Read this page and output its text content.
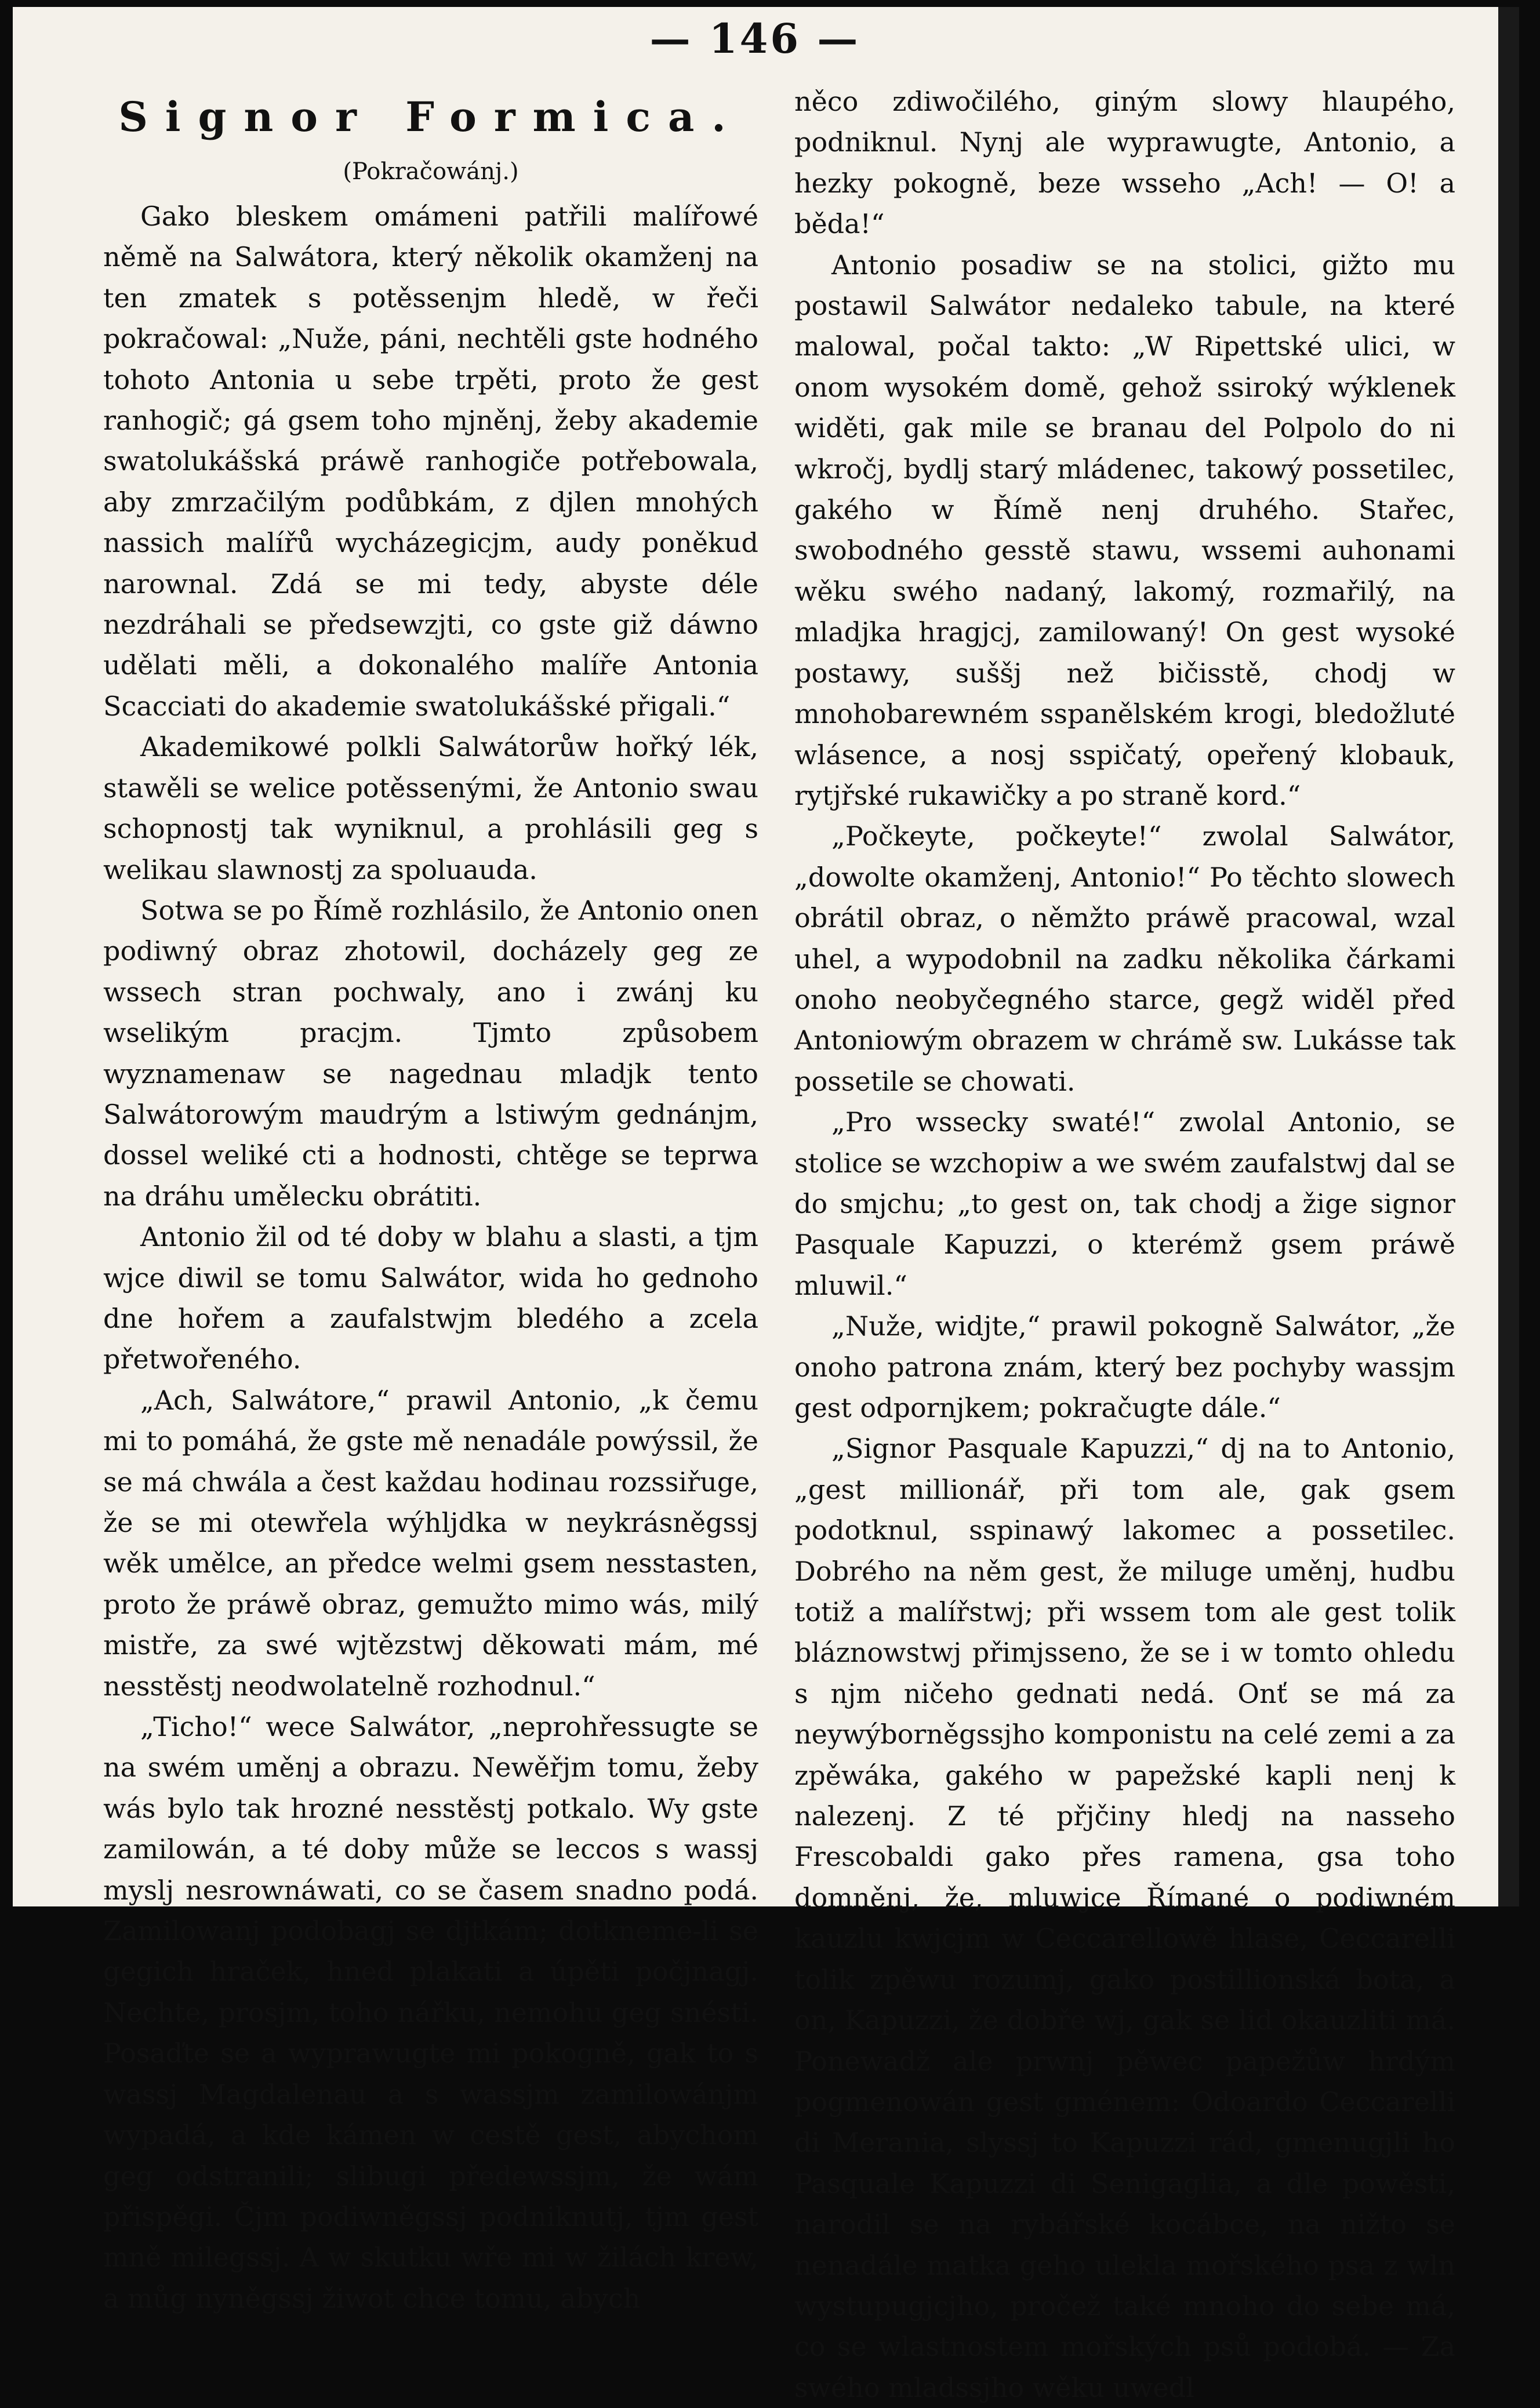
— 146 —
Signor Formica.
(Pokračowánj.)

Gako bleskem omámeni patřili malířowé němě na Salwátora, který několik okamženj na ten zmatek s potěssenjm hledě, w řeči pokračowal: „Nuže, páni, nechtěli gste hodného tohoto Antonia u sebe trpěti, proto že gest ranhogič; gá gsem toho mjněnj, žeby akademie swatolukášská práwě ranhogiče potřebowala, aby zmrzačilým podůbkám, z djlen mnohých nassich malířů wycházegicjm, audy poněkud narownal. Zdá se mi tedy, abyste déle nezdráhali se předsewzjti, co gste giž dáwno udělati měli, a dokonalého malíře Antonia Scacciati do akademie swatolukášské přigali.“

Akademikowé polkli Salwátorůw hořký lék, stawěli se welice potěssenými, že Antonio swau schopnostj tak wyniknul, a prohlásili geg s welikau slawnostj za spoluauda.

Sotwa se po Římě rozhlásilo, že Antonio onen podiwný obraz zhotowil, docházely geg ze wssech stran pochwaly, ano i zwánj ku wselikým pracjm. Tjmto způsobem wyznamenaw se nagednau mladjk tento Salwátorowým maudrým a lstiwým gednánjm, dossel weliké cti a hodnosti, chtěge se teprwa na dráhu umělecku obrátiti.

Antonio žil od té doby w blahu a slasti, a tjm wjce diwil se tomu Salwátor, wida ho gednoho dne hořem a zaufalstwjm bledého a zcela přetwořeného.

„Ach, Salwátore,“ prawil Antonio, „k čemu mi to pomáhá, že gste mě nenadále powýssil, že se má chwála a čest každau hodinau rozssiřuge, že se mi otewřela wýhljdka w neykrásněgssj wěk umělce, an předce welmi gsem nesstasten, proto že práwě obraz, gemužto mimo wás, milý mistře, za swé wjtězstwj děkowati mám, mé nesstěstj neodwolatelně rozhodnul.“

„Ticho!“ wece Salwátor, „neprohřessugte se na swém uměnj a obrazu. Newěřjm tomu, žeby wás bylo tak hrozné nesstěstj potkalo. Wy gste zamilowán, a té doby může se leccos s wassj myslj nesrownáwati, co se časem snadno podá. Zamilowanj podobagj se djtkám; dotkneme-li se gegich hraček, hned plakati a úpěti počjnagj. Nechte, prosjm, toho nářku, nemohu geg snésti. Posaďte se a wyprawugte mi pokogně, gak to s wassj Magdalenau a s wassjm zamilowánjm wypadá, a kde kámen w cestě gest, abychom geg odstranili; slibugi předewssjm, že wám přispěgi. Čjm podiwněgssj podniknutj, tjm gest mně milegssj. A w skutku wře mi w žilách krew, a můg nyněgssj žiwot chce tomu, abych

něco zdiwočilého, giným slowy hlaupého, podniknul. Nynj ale wyprawugte, Antonio, a hezky pokogně, beze wsseho „Ach! — O! a běda!“

Antonio posadiw se na stolici, gižto mu postawil Salwátor nedaleko tabule, na které malowal, počal takto: „W Ripettské ulici, w onom wysokém domě, gehož ssiroký wýklenek widěti, gak mile se branau del Polpolo do ni wkročj, bydlj starý mládenec, takowý possetilec, gakého w Římě nenj druhého. Stařec, swobodného gesstě stawu, wssemi auhonami wěku swého nadaný, lakomý, rozmařilý, na mladjka hragjcj, zamilowaný! On gest wysoké postawy, suššj než bičisstě, chodj w mnohobarewném sspanělském krogi, bledožluté wlásence, a nosj sspičatý, opeřený klobauk, rytjřské rukawičky a po straně kord.“

„Počkeyte, počkeyte!“ zwolal Salwátor, „dowolte okamženj, Antonio!“ Po těchto slowech obrátil obraz, o němžto práwě pracowal, wzal uhel, a wypodobnil na zadku několika čárkami onoho neobyčegného starce, gegž widěl před Antoniowým obrazem w chrámě sw. Lukásse tak possetile se chowati.

„Pro wssecky swaté!“ zwolal Antonio, se stolice se wzchopiw a we swém zaufalstwj dal se do smjchu; „to gest on, tak chodj a žige signor Pasquale Kapuzzi, o kterémž gsem práwě mluwil.“

„Nuže, widjte,“ prawil pokogně Salwátor, „že onoho patrona znám, který bez pochyby wassjm gest odpornjkem; pokračugte dále.“

„Signor Pasquale Kapuzzi,“ dj na to Antonio, „gest millionář, při tom ale, gak gsem podotknul, sspinawý lakomec a possetilec. Dobrého na něm gest, že miluge uměnj, hudbu totiž a malířstwj; při wssem tom ale gest tolik bláznowstwj přimjsseno, že se i w tomto ohledu s njm ničeho gednati nedá. Onť se má za neywýborněgssjho komponistu na celé zemi a za zpěwáka, gakého w papežské kapli nenj k nalezenj. Z té přjčiny hledj na nasseho Frescobaldi gako přes ramena, gsa toho domněnj, že, mluwjce Římané o podiwném kauzlu kwjcjm w Ceccarellowě hlase, Ceccarelli tolik zpěwu rozumj, gako postillionská bota, a on, Kapuzzi, že dobře wj, gak se lid okauzliti má. Ponewadž ale prwnj pěwec papežůw hrdým pogmenowán gest gménem: Odoardo Ceccarelli di Merania, slyssj to Kapuzzi rád, gmenugjli ho Pasquale Kapuzzi di Senigaglia, a dle powěsti, narodil se na rybářské kocábce, na nižto se nenadále matka geho ulekla mořského psa z wln wystupugjcjho, pročež také mnoho do sebe má, co se wlastnostem mořských psů podobá. — Za swého mladssjho wěku uwedl
